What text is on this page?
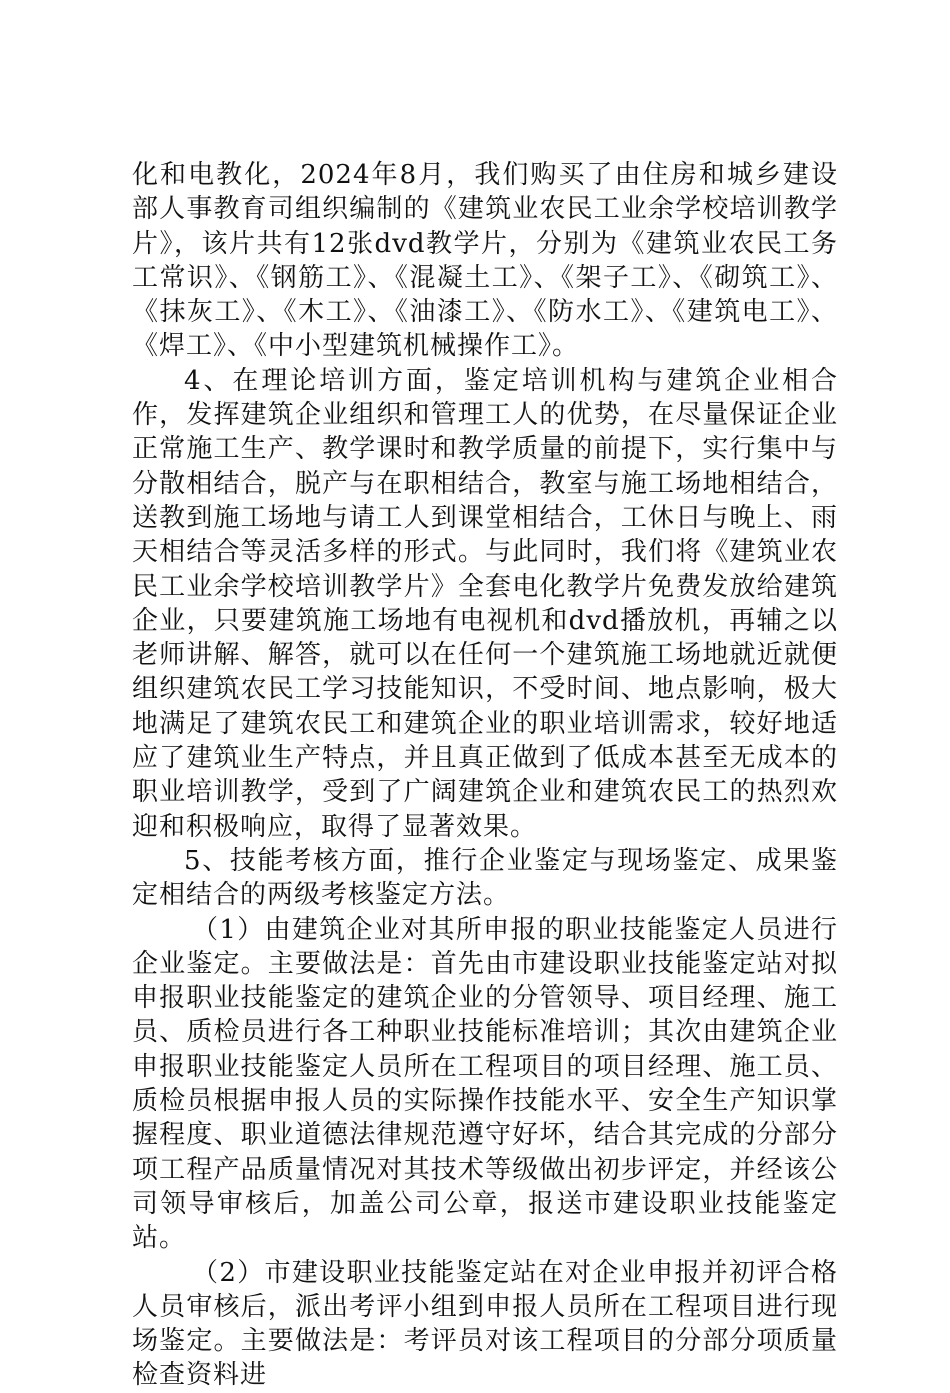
化和电教化，2024年8月，我们购买了由住房和城乡建设部人事教育司组织编制的《建筑业农民工业余学校培训教学片》，该片共有12张dvd教学片，分别为《建筑业农民工务工常识》、《钢筋工》、《混凝土工》、《架子工》、《砌筑工》、《抹灰工》、《木工》、《油漆工》、《防水工》、《建筑电工》、《焊工》、《中小型建筑机械操作工》。

4、在理论培训方面，鉴定培训机构与建筑企业相合作，发挥建筑企业组织和管理工人的优势，在尽量保证企业正常施工生产、教学课时和教学质量的前提下，实行集中与分散相结合，脱产与在职相结合，教室与施工场地相结合，送教到施工场地与请工人到课堂相结合，工休日与晚上、雨天相结合等灵活多样的形式。与此同时，我们将《建筑业农民工业余学校培训教学片》全套电化教学片免费发放给建筑企业，只要建筑施工场地有电视机和dvd播放机，再辅之以老师讲解、解答，就可以在任何一个建筑施工场地就近就便组织建筑农民工学习技能知识，不受时间、地点影响，极大地满足了建筑农民工和建筑企业的职业培训需求，较好地适应了建筑业生产特点，并且真正做到了低成本甚至无成本的职业培训教学，受到了广阔建筑企业和建筑农民工的热烈欢迎和积极响应，取得了显著效果。

5、技能考核方面，推行企业鉴定与现场鉴定、成果鉴定相结合的两级考核鉴定方法。

（1）由建筑企业对其所申报的职业技能鉴定人员进行企业鉴定。主要做法是：首先由市建设职业技能鉴定站对拟申报职业技能鉴定的建筑企业的分管领导、项目经理、施工员、质检员进行各工种职业技能标准培训；其次由建筑企业申报职业技能鉴定人员所在工程项目的项目经理、施工员、质检员根据申报人员的实际操作技能水平、安全生产知识掌握程度、职业道德法律规范遵守好坏，结合其完成的分部分项工程产品质量情况对其技术等级做出初步评定，并经该公司领导审核后，加盖公司公章，报送市建设职业技能鉴定站。

（2）市建设职业技能鉴定站在对企业申报并初评合格人员审核后，派出考评小组到申报人员所在工程项目进行现场鉴定。主要做法是：考评员对该工程项目的分部分项质量检查资料进
